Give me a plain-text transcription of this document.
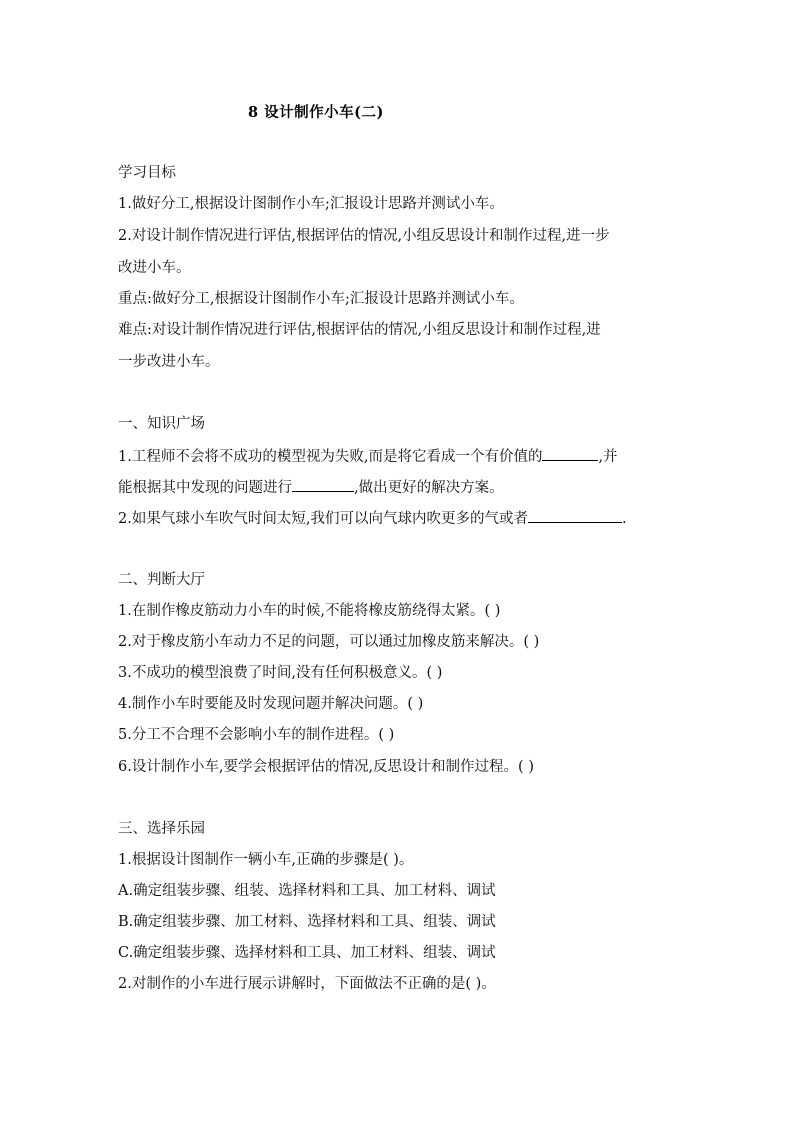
8 设计制作小车(二)
学习目标
1.做好分工,根据设计图制作小车;汇报设计思路并测试小车。
2.对设计制作情况进行评估,根据评估的情况,小组反思设计和制作过程,进一步
改进小车。
重点:做好分工,根据设计图制作小车;汇报设计思路并测试小车。
难点:对设计制作情况进行评估,根据评估的情况,小组反思设计和制作过程,进
一步改进小车。
一、知识广场
1.工程师不会将不成功的模型视为失败,而是将它看成一个有价值的	,并
能根据其中发现的问题进行	,做出更好的解决方案。
2.如果气球小车吹气时间太短,我们可以向气球内吹更多的气或者	.
二、判断大厅
1.在制作橡皮筋动力小车的时候,不能将橡皮筋绕得太紧。( )
2.对于橡皮筋小车动力不足的问题，可以通过加橡皮筋来解决。( )
3.不成功的模型浪费了时间,没有任何积极意义。( )
4.制作小车时要能及时发现问题并解决问题。( )
5.分工不合理不会影响小车的制作进程。( )
6.设计制作小车,要学会根据评估的情况,反思设计和制作过程。( )
三、选择乐园
1.根据设计图制作一辆小车,正确的步骤是( )。
A.确定组装步骤、组装、选择材料和工具、加工材料、调试
B.确定组装步骤、加工材料、选择材料和工具、组装、调试
C.确定组装步骤、选择材料和工具、加工材料、组装、调试
2.对制作的小车进行展示讲解时，下面做法不正确的是( )。
